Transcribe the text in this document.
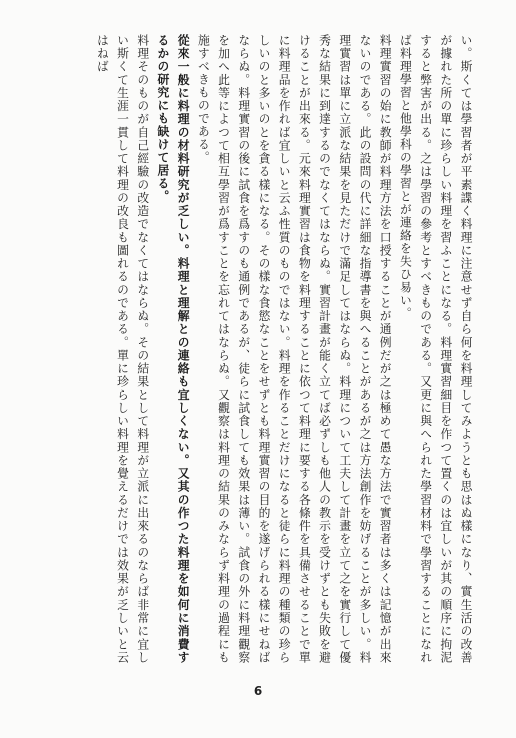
い。斯くては學習者が平素諜く料理に注意せず自ら何を料理してみようとも思はぬ樣になり、實生活の改善が據れた所の單に珍らしい料理を習ふことになる。料理實習細目を作つて置くのは宜しいが其の順序に拘泥すると弊害が出る。之は學習の參考とすべきものである。又更に與へられた學習材料で學習することになれば料理學習と他學科の學習とが連絡を失ひ易い。

料理實習の始に教師が料理方法を口授することが通例だが之は極めて愚な方法で實習者は多くは記憶が出來ないのである。此の設問の代に詳細な指導書を與へることがあるが之は方法創作を妨げることが多しい。料理實習は單に立派な結果を見ただけで滿足してはならぬ。料理について工夫して計畫を立て之を實行して優秀な結果に到達するのでなくてはならぬ。實習計畫が能く立てば必ずしも他人の教示を受けずとも失敗を避けることが出來る。元來料理實習は食物を料理することに依つて料理に要する各條件を具備させることで單に料理品を作れば宜しいと云ふ性質のものではない。料理を作ることだけになると徒らに料理の種類の珍らしいのと多いのとを貪る樣になる。その樣な食慾なことをせずとも料理實習の目的を遂げられる樣にせねばならぬ。料理實習の後に試食を爲すのも通例であるが、徒らに試食しても效果は薄い。試食の外に料理觀察を加へ此等によつて相互學習が爲すことを忘れてはならぬ。又觀察は料理の結果のみならず料理の過程にも施すべきものである。

從來一般に料理の材料研究が乏しい。料理と理解との連絡も宜しくない。又其の作つた料理を如何に消費するかの研究にも缺けて居る。

料理そのものが自己經驗の改造でなくてはならぬ。その結果として料理が立派に出來るのならば非常に宜しい斯くて生涯一貫して料理の改良も圖れるのである。單に珍らしい料理を覺えるだけでは效果が乏しいと云はねば

6
